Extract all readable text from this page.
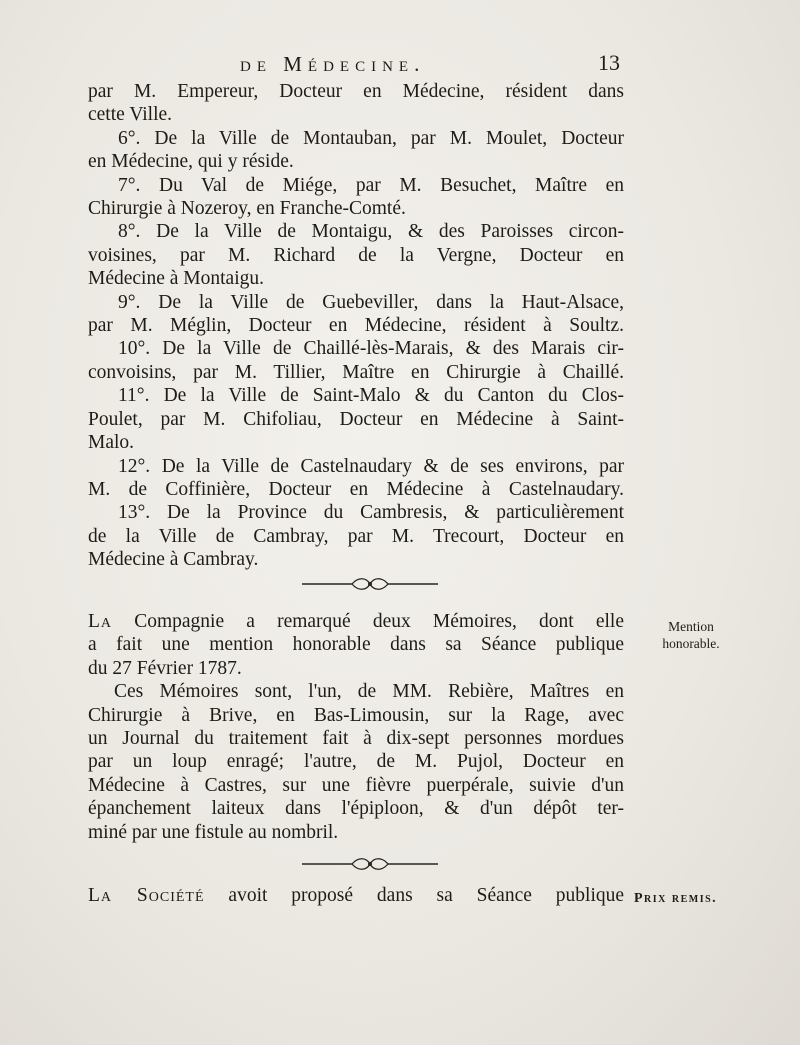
de Médecine.	13
par M. Empereur, Docteur en Médecine, résident dans
cette Ville.
6°. De la Ville de Montauban, par M. Moulet, Docteur
en Médecine, qui y réside.
7°. Du Val de Miége, par M. Besuchet, Maître en
Chirurgie à Nozeroy, en Franche-Comté.
8°. De la Ville de Montaigu, & des Paroisses circon-
voisines, par M. Richard de la Vergne, Docteur en
Médecine à Montaigu.
9°. De la Ville de Guebeviller, dans la Haut-Alsace,
par M. Méglin, Docteur en Médecine, résident à Soultz.
10°. De la Ville de Chaillé-lès-Marais, & des Marais cir-
convoisins, par M. Tillier, Maître en Chirurgie à Chaillé.
11°. De la Ville de Saint-Malo & du Canton du Clos-
Poulet, par M. Chifoliau, Docteur en Médecine à Saint-
Malo.
12°. De la Ville de Castelnaudary & de ses environs, par
M. de Coffinière, Docteur en Médecine à Castelnaudary.
13°. De la Province du Cambresis, & particulièrement
de la Ville de Cambray, par M. Trecourt, Docteur en
Médecine à Cambray.
La Compagnie a remarqué deux Mémoires, dont elle
a fait une mention honorable dans sa Séance publique
du 27 Février 1787.
Ces Mémoires sont, l'un, de MM. Rebière, Maîtres en
Chirurgie à Brive, en Bas-Limousin, sur la Rage, avec
un Journal du traitement fait à dix-sept personnes mordues
par un loup enragé; l'autre, de M. Pujol, Docteur en
Médecine à Castres, sur une fièvre puerpérale, suivie d'un
épanchement laiteux dans l'épiploon, & d'un dépôt ter-
miné par une fistule au nombril.
Mention
honorable.
La Société avoit proposé dans sa Séance publique Prix remis.
